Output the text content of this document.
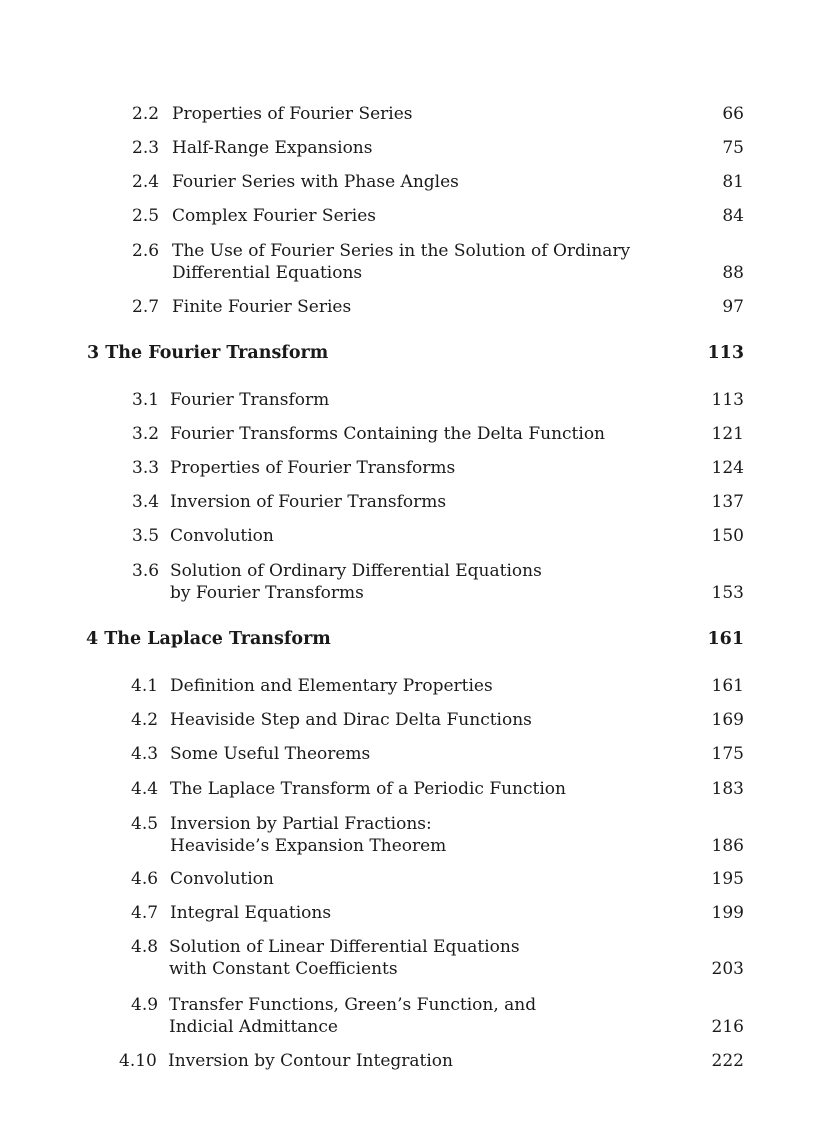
2.2 Properties of Fourier Series	66
2.3 Half-Range Expansions	75
2.4 Fourier Series with Phase Angles	81
2.5 Complex Fourier Series	84
2.6 The Use of Fourier Series in the Solution of Ordinary
Differential Equations	88
2.7 Finite Fourier Series	97
3 The Fourier Transform	113
3.1 Fourier Transform	113
3.2 Fourier Transforms Containing the Delta Function	121
3.3 Properties of Fourier Transforms	124
3.4 Inversion of Fourier Transforms	137
3.5 Convolution	150
3.6 Solution of Ordinary Differential Equations
by Fourier Transforms	153
4 The Laplace Transform	161
4.1 Definition and Elementary Properties	161
4.2 Heaviside Step and Dirac Delta Functions	169
4.3 Some Useful Theorems	175
4.4 The Laplace Transform of a Periodic Function	183
4.5 Inversion by Partial Fractions:
Heaviside’s Expansion Theorem	186
4.6 Convolution	195
4.7 Integral Equations	199
4.8 Solution of Linear Differential Equations
with Constant Coefficients	203
4.9 Transfer Functions, Green’s Function, and
Indicial Admittance	216
4.10 Inversion by Contour Integration	222
